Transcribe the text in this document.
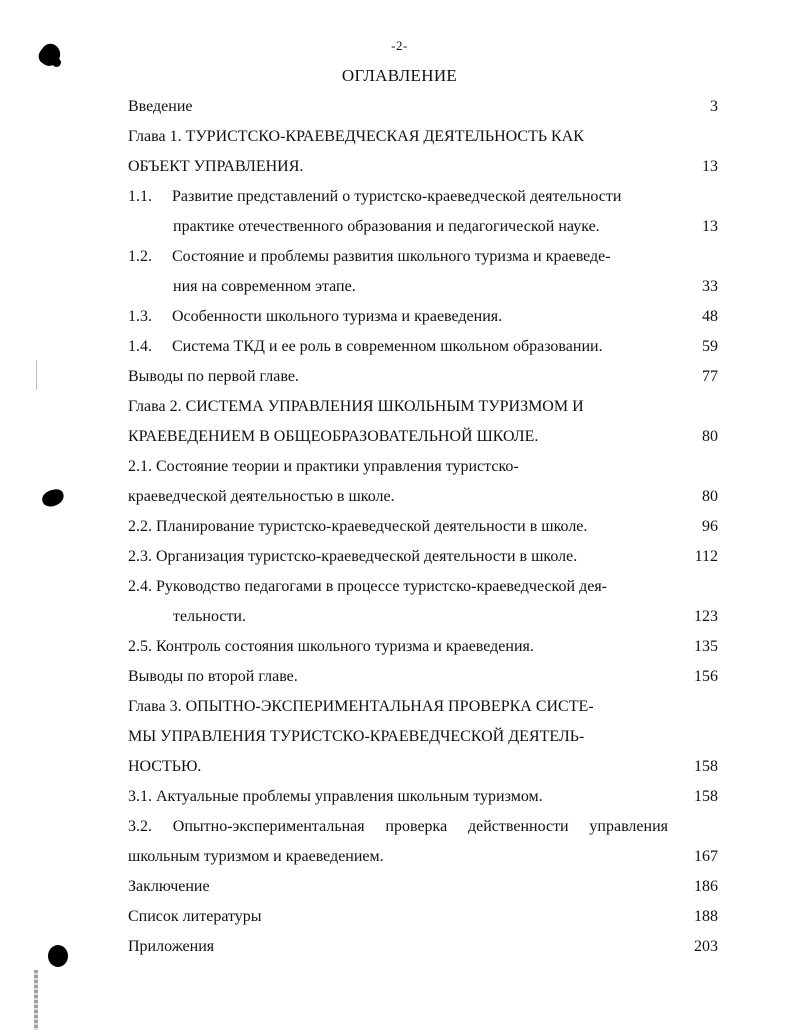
-2-
ОГЛАВЛЕНИЕ
Введение	3
Глава 1. ТУРИСТСКО-КРАЕВЕДЧЕСКАЯ ДЕЯТЕЛЬНОСТЬ КАК
ОБЪЕКТ УПРАВЛЕНИЯ.	13
1.1. Развитие представлений о туристско-краеведческой деятельности
практике отечественного образования и педагогической науке.	13
1.2. Состояние и проблемы развития школьного туризма и краеведе-
ния на современном этапе.	33
1.3. Особенности школьного туризма и краеведения.	48
1.4. Система ТКД и ее роль в современном школьном образовании.	59
Выводы по первой главе.	77
Глава 2. СИСТЕМА УПРАВЛЕНИЯ ШКОЛЬНЫМ ТУРИЗМОМ И
КРАЕВЕДЕНИЕМ В ОБЩЕОБРАЗОВАТЕЛЬНОЙ ШКОЛЕ.	80
2.1. Состояние теории и практики управления туристско-
краеведческой деятельностью в школе.	80
2.2. Планирование туристско-краеведческой деятельности в школе.	96
2.3. Организация туристско-краеведческой деятельности в школе.	112
2.4. Руководство педагогами в процессе туристско-краеведческой дея-
тельности.	123
2.5. Контроль состояния школьного туризма и краеведения.	135
Выводы по второй главе.	156
Глава 3. ОПЫТНО-ЭКСПЕРИМЕНТАЛЬНАЯ ПРОВЕРКА СИСТЕ-
МЫ УПРАВЛЕНИЯ ТУРИСТСКО-КРАЕВЕДЧЕСКОЙ ДЕЯТЕЛЬ-
НОСТЬЮ.	158
3.1. Актуальные проблемы управления школьным туризмом.	158
3.2. Опытно-экспериментальная проверка действенности управления
школьным туризмом и краеведением.	167
Заключение	186
Список литературы	188
Приложения	203
